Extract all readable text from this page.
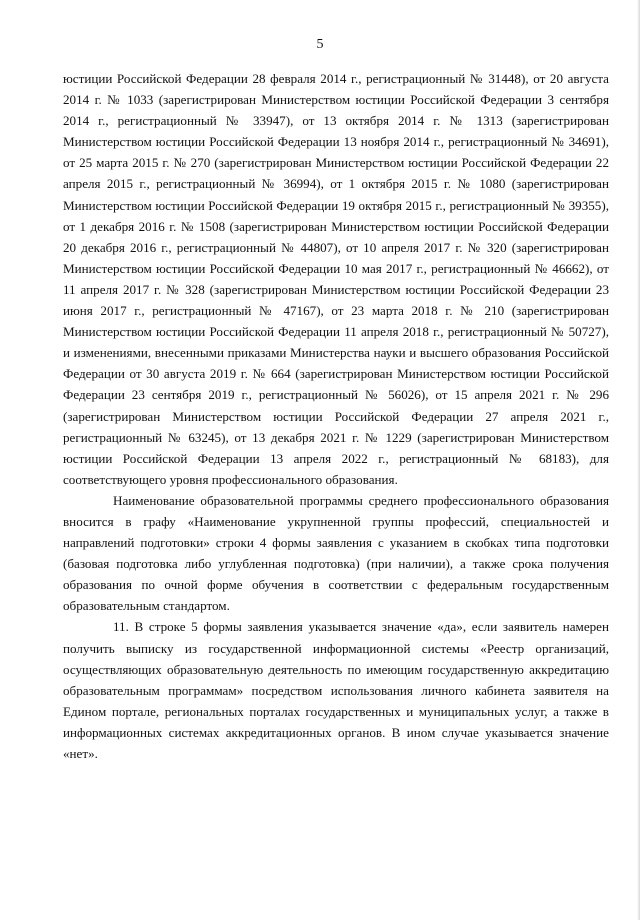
5

юстиции Российской Федерации 28 февраля 2014 г., регистрационный № 31448), от 20 августа 2014 г. № 1033 (зарегистрирован Министерством юстиции Российской Федерации 3 сентября 2014 г., регистрационный № 33947), от 13 октября 2014 г. № 1313 (зарегистрирован Министерством юстиции Российской Федерации 13 ноября 2014 г., регистрационный № 34691), от 25 марта 2015 г. № 270 (зарегистрирован Министерством юстиции Российской Федерации 22 апреля 2015 г., регистрационный № 36994), от 1 октября 2015 г. № 1080 (зарегистрирован Министерством юстиции Российской Федерации 19 октября 2015 г., регистрационный № 39355), от 1 декабря 2016 г. № 1508 (зарегистрирован Министерством юстиции Российской Федерации 20 декабря 2016 г., регистрационный № 44807), от 10 апреля 2017 г. № 320 (зарегистрирован Министерством юстиции Российской Федерации 10 мая 2017 г., регистрационный № 46662), от 11 апреля 2017 г. № 328 (зарегистрирован Министерством юстиции Российской Федерации 23 июня 2017 г., регистрационный № 47167), от 23 марта 2018 г. № 210 (зарегистрирован Министерством юстиции Российской Федерации 11 апреля 2018 г., регистрационный № 50727), и изменениями, внесенными приказами Министерства науки и высшего образования Российской Федерации от 30 августа 2019 г. № 664 (зарегистрирован Министерством юстиции Российской Федерации 23 сентября 2019 г., регистрационный № 56026), от 15 апреля 2021 г. № 296 (зарегистрирован Министерством юстиции Российской Федерации 27 апреля 2021 г., регистрационный № 63245), от 13 декабря 2021 г. № 1229 (зарегистрирован Министерством юстиции Российской Федерации 13 апреля 2022 г., регистрационный № 68183), для соответствующего уровня профессионального образования.

Наименование образовательной программы среднего профессионального образования вносится в графу «Наименование укрупненной группы профессий, специальностей и направлений подготовки» строки 4 формы заявления с указанием в скобках типа подготовки (базовая подготовка либо углубленная подготовка) (при наличии), а также срока получения образования по очной форме обучения в соответствии с федеральным государственным образовательным стандартом.

11. В строке 5 формы заявления указывается значение «да», если заявитель намерен получить выписку из государственной информационной системы «Реестр организаций, осуществляющих образовательную деятельность по имеющим государственную аккредитацию образовательным программам» посредством использования личного кабинета заявителя на Едином портале, региональных порталах государственных и муниципальных услуг, а также в информационных системах аккредитационных органов. В ином случае указывается значение «нет».
